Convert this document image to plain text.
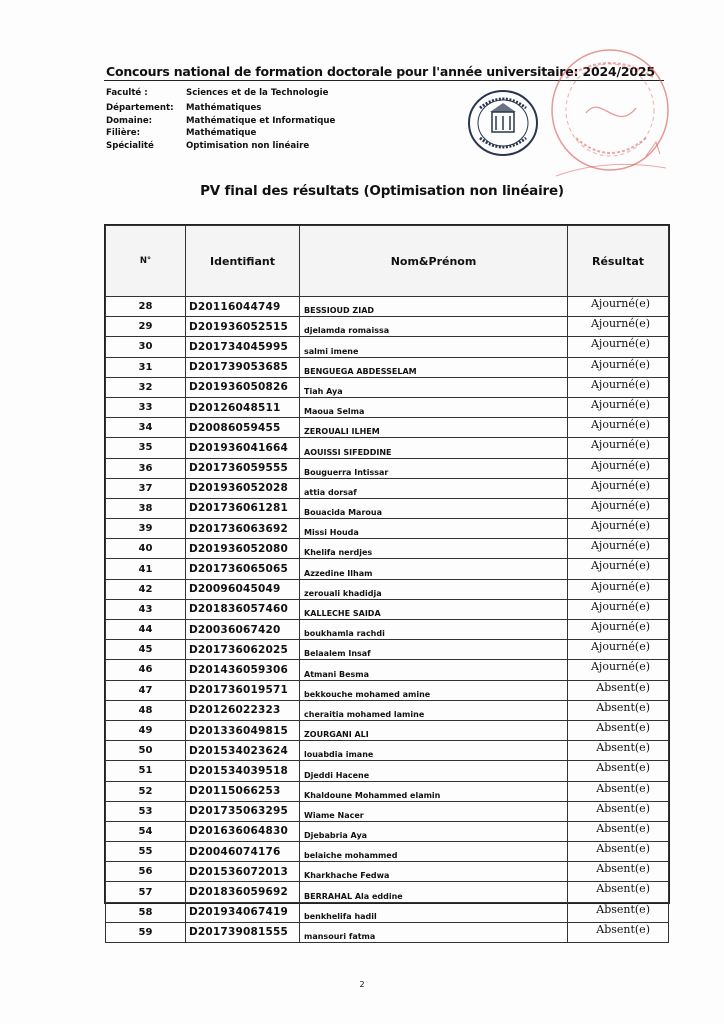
Concours national de formation doctorale pour l'année universitaire: 2024/2025
Faculté :	Sciences et de la Technologie
Département:	Mathématiques
Domaine:	Mathématique et Informatique
Filière:	Mathématique
Spécialité	Optimisation non linéaire
PV final des résultats (Optimisation non linéaire)
N°	Identifiant	Nom&Prénom	Résultat
28	D20116044749	BESSIOUD ZIAD	Ajourné(e)
29	D201936052515	djelamda romaissa	Ajourné(e)
30	D201734045995	salmi imene	Ajourné(e)
31	D201739053685	BENGUEGA ABDESSELAM	Ajourné(e)
32	D201936050826	Tiah Aya	Ajourné(e)
33	D20126048511	Maoua Selma	Ajourné(e)
34	D20086059455	ZEROUALI ILHEM	Ajourné(e)
35	D201936041664	AOUISSI SIFEDDINE	Ajourné(e)
36	D201736059555	Bouguerra Intissar	Ajourné(e)
37	D201936052028	attia dorsaf	Ajourné(e)
38	D201736061281	Bouacida Maroua	Ajourné(e)
39	D201736063692	Missi Houda	Ajourné(e)
40	D201936052080	Khelifa nerdjes	Ajourné(e)
41	D201736065065	Azzedine Ilham	Ajourné(e)
42	D20096045049	zerouali khadidja	Ajourné(e)
43	D201836057460	KALLECHE SAIDA	Ajourné(e)
44	D20036067420	boukhamla rachdi	Ajourné(e)
45	D201736062025	Belaalem Insaf	Ajourné(e)
46	D201436059306	Atmani Besma	Ajourné(e)
47	D201736019571	bekkouche mohamed amine	Absent(e)
48	D20126022323	cheraitia mohamed lamine	Absent(e)
49	D201336049815	ZOURGANI ALI	Absent(e)
50	D201534023624	louabdia imane	Absent(e)
51	D201534039518	Djeddi Hacene	Absent(e)
52	D20115066253	Khaldoune Mohammed elamin	Absent(e)
53	D201735063295	Wiame Nacer	Absent(e)
54	D201636064830	Djebabria Aya	Absent(e)
55	D20046074176	belaiche mohammed	Absent(e)
56	D201536072013	Kharkhache Fedwa	Absent(e)
57	D201836059692	BERRAHAL Ala eddine	Absent(e)
58	D201934067419	benkhelifa hadil	Absent(e)
59	D201739081555	mansouri fatma	Absent(e)
2
